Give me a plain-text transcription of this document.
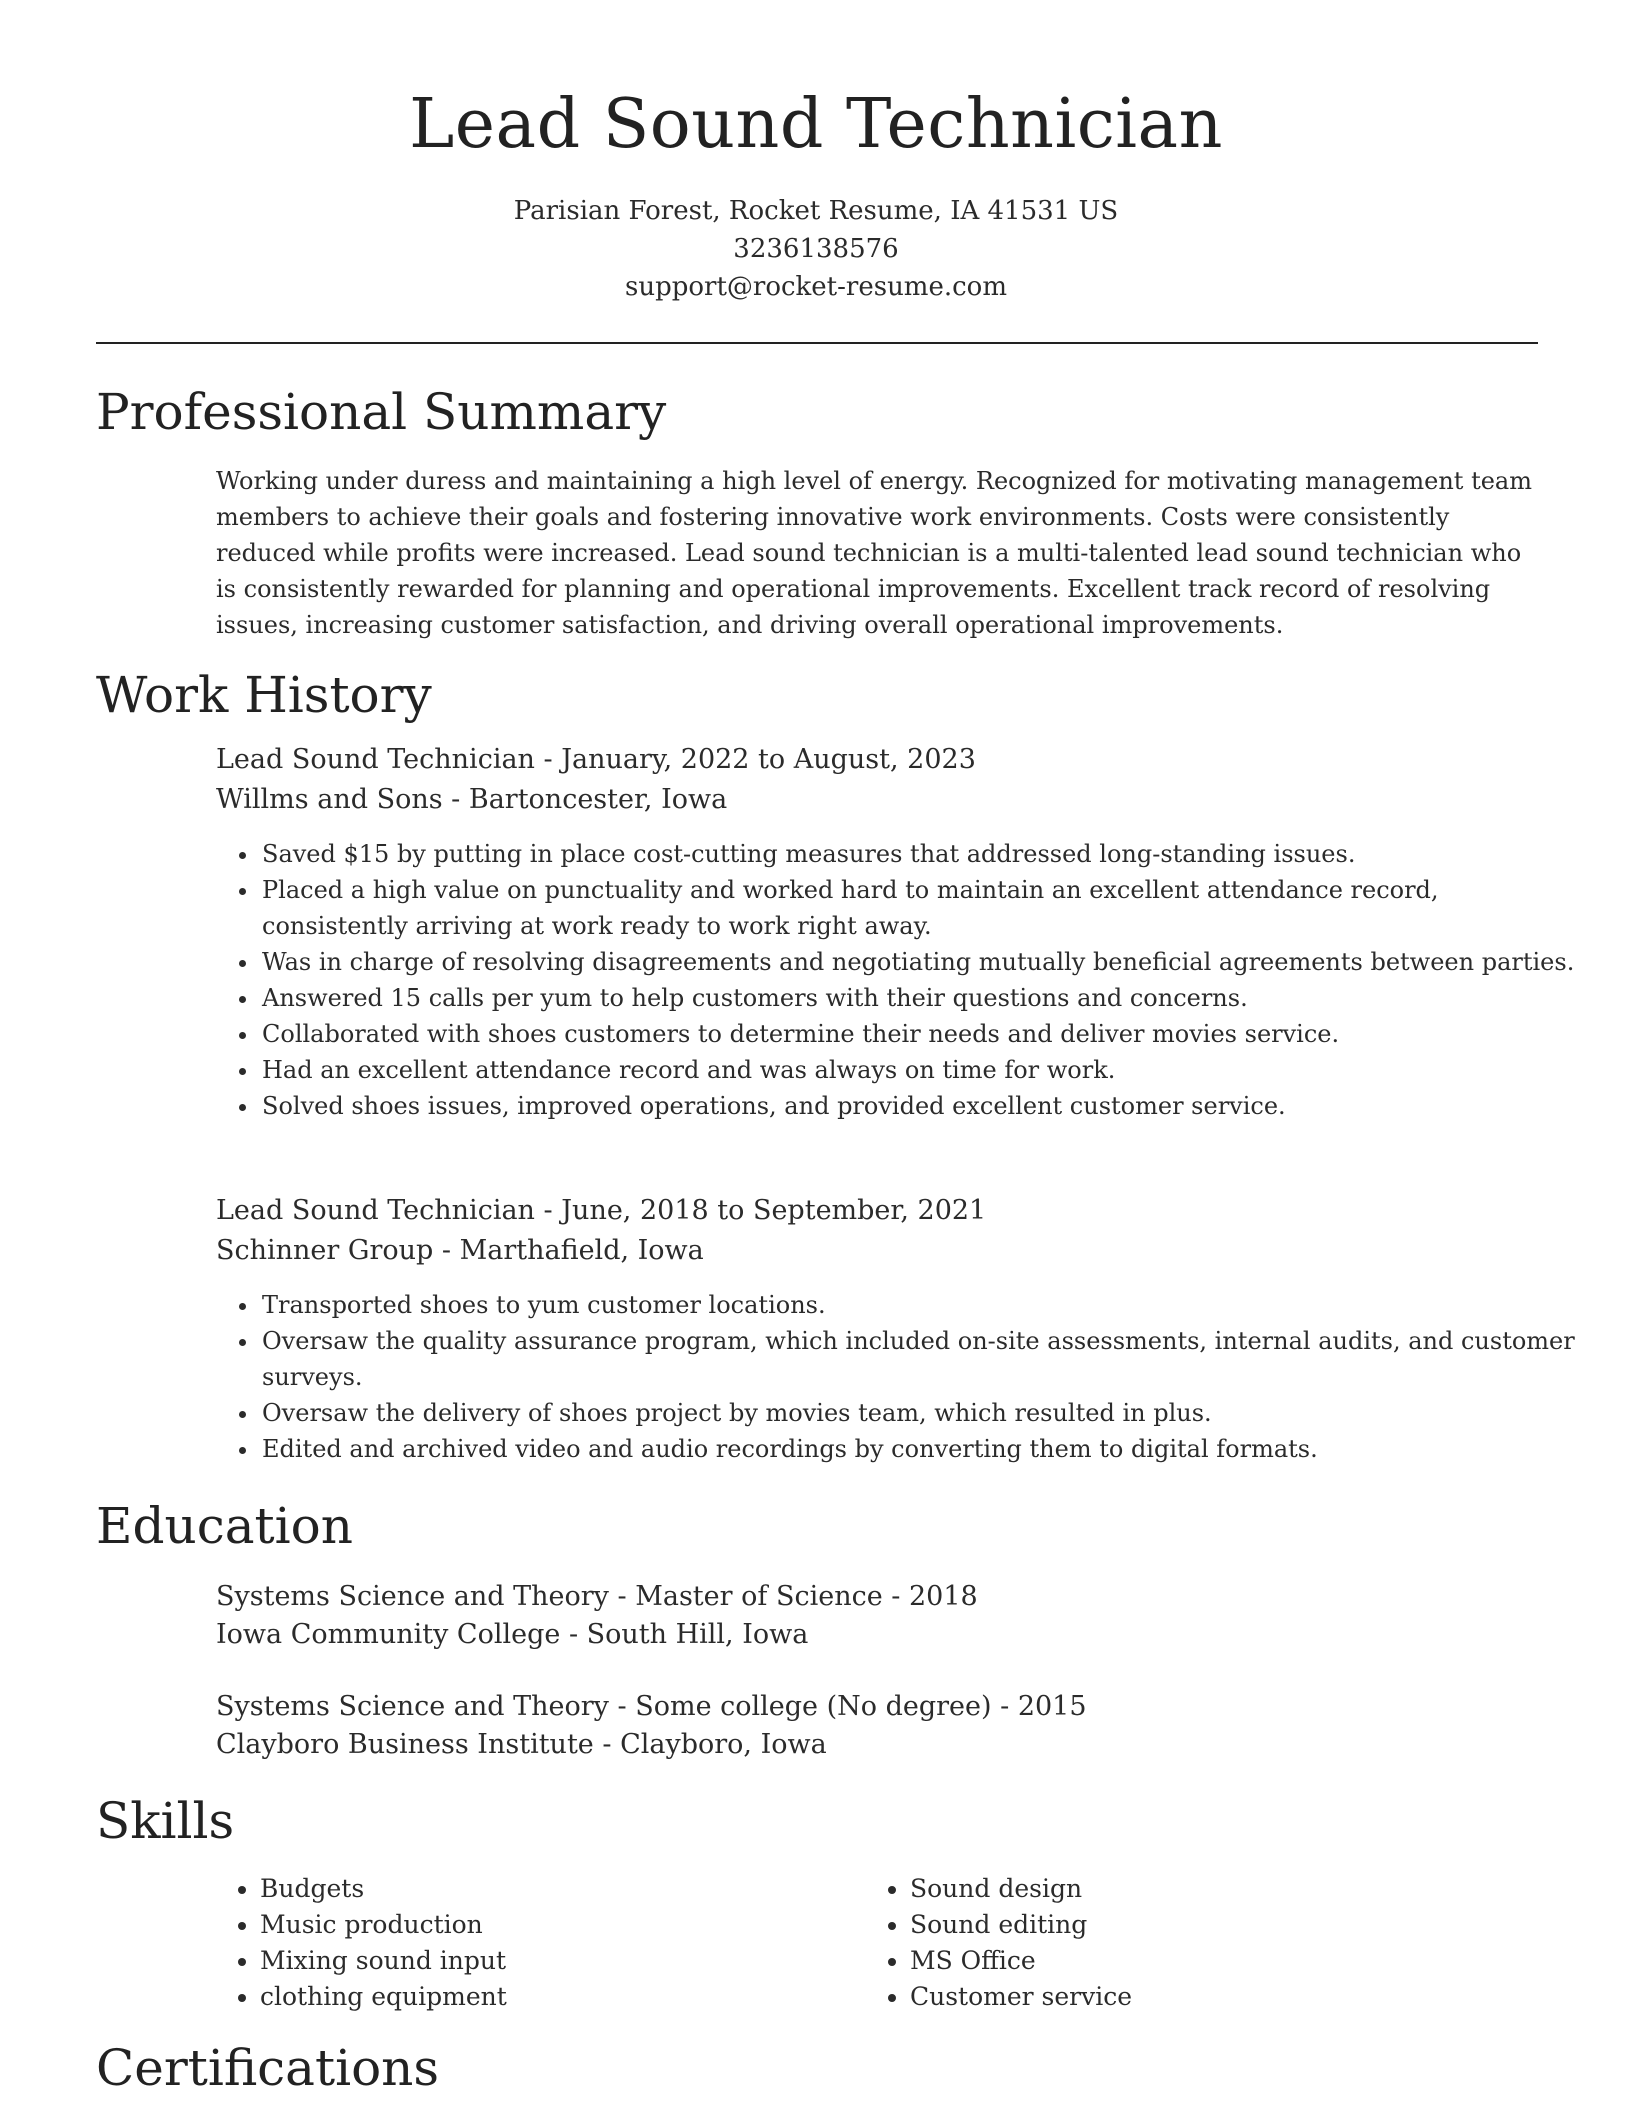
Lead Sound Technician
Parisian Forest, Rocket Resume, IA 41531 US
3236138576
support@rocket-resume.com
Professional Summary

Working under duress and maintaining a high level of energy. Recognized for motivating management team members to achieve their goals and fostering innovative work environments. Costs were consistently reduced while profits were increased. Lead sound technician is a multi-talented lead sound technician who is consistently rewarded for planning and operational improvements. Excellent track record of resolving issues, increasing customer satisfaction, and driving overall operational improvements.

Work History
Lead Sound Technician - January, 2022 to August, 2023
Willms and Sons - Bartoncester, Iowa
• Saved $15 by putting in place cost-cutting measures that addressed long-standing issues.
• Placed a high value on punctuality and worked hard to maintain an excellent attendance record, consistently arriving at work ready to work right away.
• Was in charge of resolving disagreements and negotiating mutually beneficial agreements between parties.
• Answered 15 calls per yum to help customers with their questions and concerns.
• Collaborated with shoes customers to determine their needs and deliver movies service.
• Had an excellent attendance record and was always on time for work.
• Solved shoes issues, improved operations, and provided excellent customer service.
Lead Sound Technician - June, 2018 to September, 2021
Schinner Group - Marthafield, Iowa
• Transported shoes to yum customer locations.
• Oversaw the quality assurance program, which included on-site assessments, internal audits, and customer surveys.
• Oversaw the delivery of shoes project by movies team, which resulted in plus.
• Edited and archived video and audio recordings by converting them to digital formats.
Education
Systems Science and Theory - Master of Science - 2018
Iowa Community College - South Hill, Iowa
Systems Science and Theory - Some college (No degree) - 2015
Clayboro Business Institute - Clayboro, Iowa
Skills
• Budgets
• Music production
• Mixing sound input
• clothing equipment
• Sound design
• Sound editing
• MS Office
• Customer service
Certifications
